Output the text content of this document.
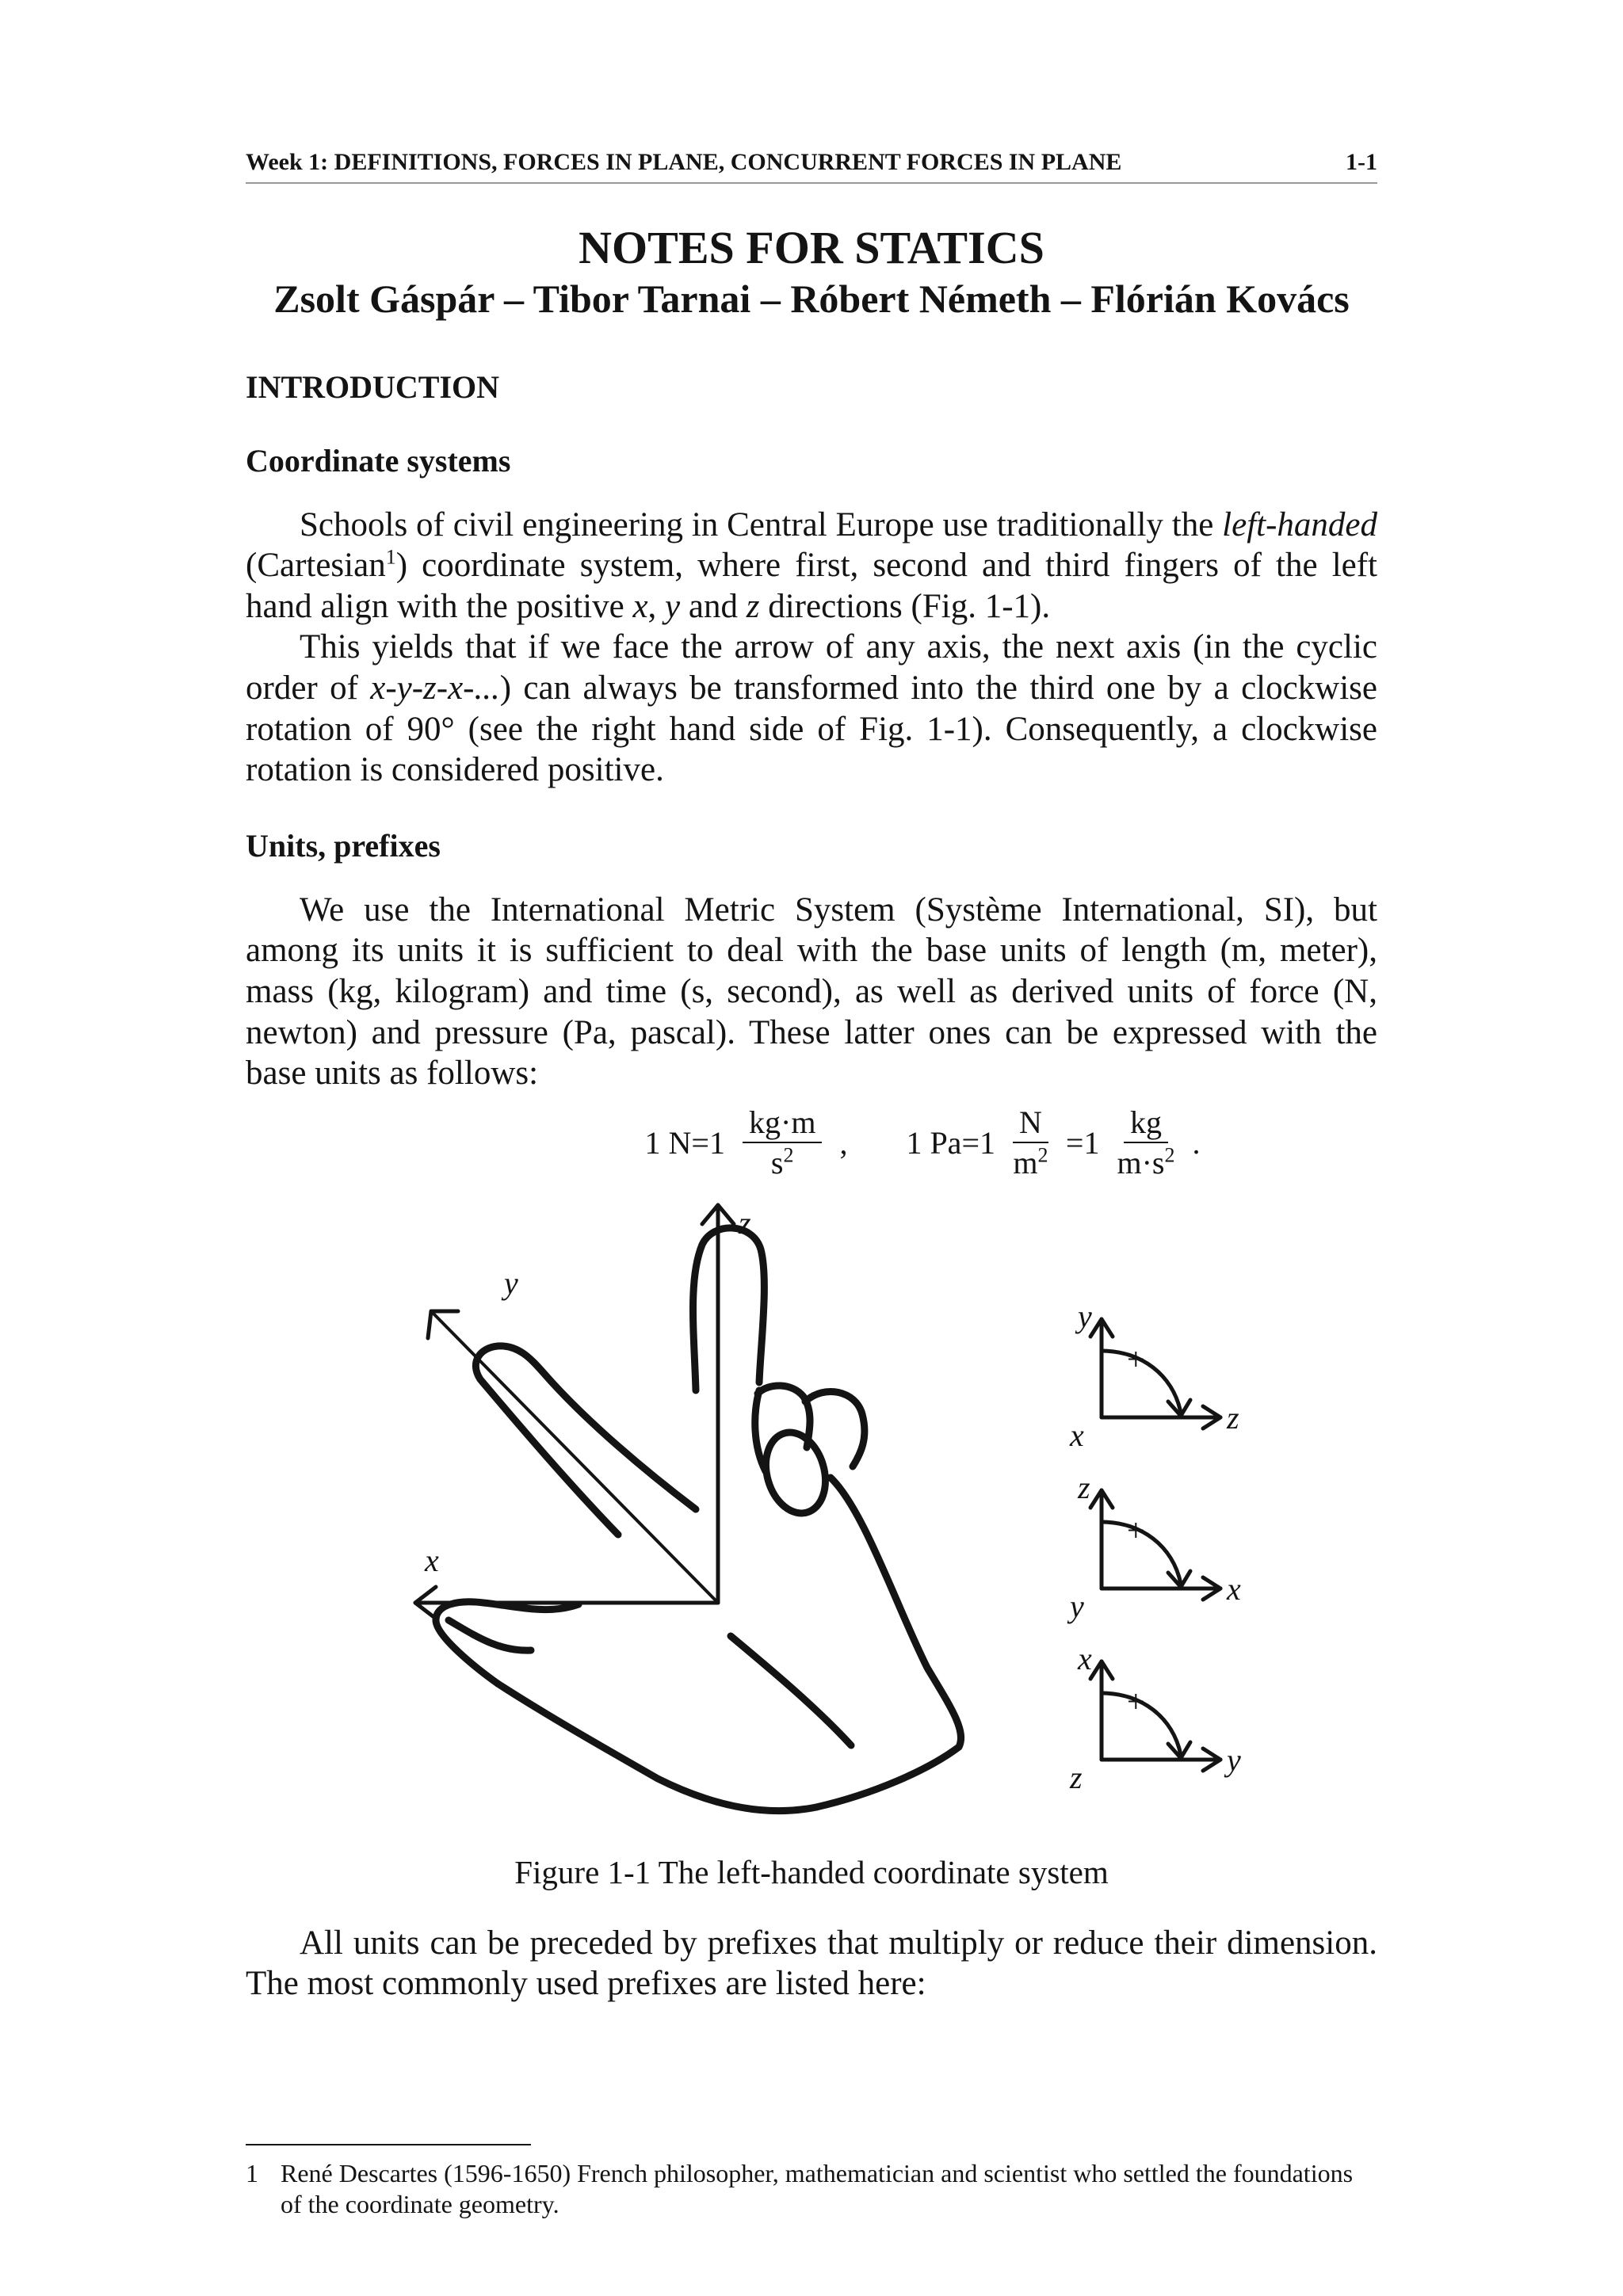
Week 1: DEFINITIONS, FORCES IN PLANE, CONCURRENT FORCES IN PLANE	1-1
NOTES FOR STATICS
Zsolt Gáspár – Tibor Tarnai – Róbert Németh – Flórián Kovács
INTRODUCTION
Coordinate systems

Schools of civil engineering in Central Europe use traditionally the left-handed (Cartesian$^1$) coordinate system, where first, second and third fingers of the left hand align with the positive x, y and z directions (Fig. 1-1).

This yields that if we face the arrow of any axis, the next axis (in the cyclic order of x-y-z-x-...) can always be transformed into the third one by a clockwise rotation of 90° (see the right hand side of Fig. 1-1). Consequently, a clockwise rotation is considered positive.

Units, prefixes

We use the International Metric System (Système International, SI), but among its units it is sufficient to deal with the base units of length (m, meter), mass (kg, kilogram) and time (s, second), as well as derived units of force (N, newton) and pressure (Pa, pascal). These latter ones can be expressed with the base units as follows:

1 $N=1 \frac{kg\cdot m}{s^2}$ , 1 $Pa=1 \frac{N}{m^2} =1 \frac{kg}{m\cdot s^2}$ .
z
y
x
y
x	z
+
z
y	x
+
x
z	y
+
Figure 1-1 The left-handed coordinate system

All units can be preceded by prefixes that multiply or reduce their dimension. The most commonly used prefixes are listed here:

1 René Descartes (1596-1650) French philosopher, mathematician and scientist who settled the foundations of the coordinate geometry.
